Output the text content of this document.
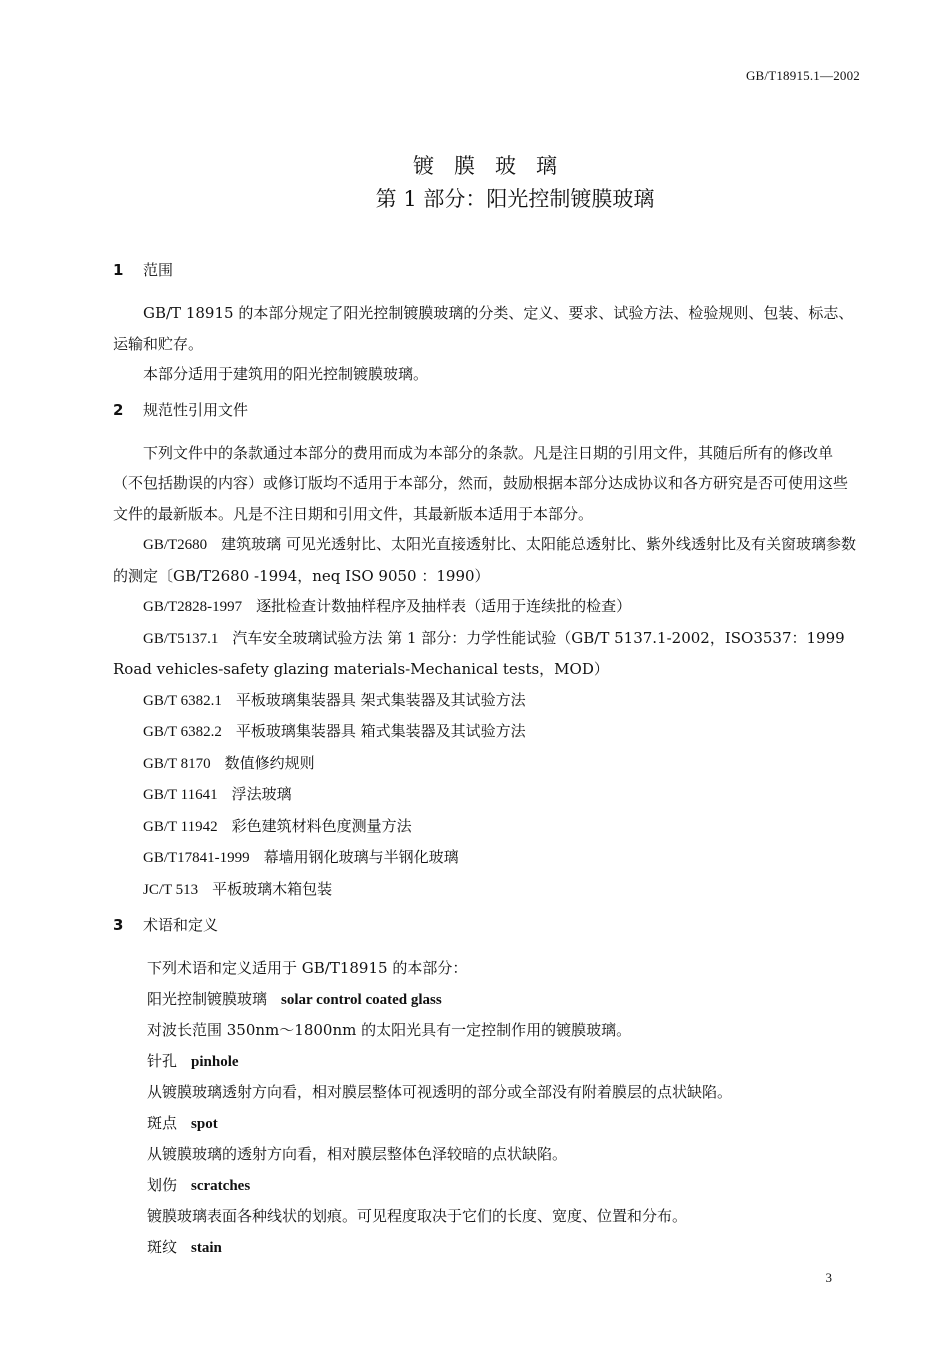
GB/T18915.1—2002
镀膜玻璃
第 1 部分：阳光控制镀膜玻璃
1 范围

GB/T 18915 的本部分规定了阳光控制镀膜玻璃的分类、定义、要求、试验方法、检验规则、包装、标志、运输和贮存。

本部分适用于建筑用的阳光控制镀膜玻璃。

2 规范性引用文件

下列文件中的条款通过本部分的费用而成为本部分的条款。凡是注日期的引用文件，其随后所有的修改单（不包括勘误的内容）或修订版均不适用于本部分，然而，鼓励根据本部分达成协议和各方研究是否可使用这些文件的最新版本。凡是不注日期和引用文件，其最新版本适用于本部分。

GB/T2680 建筑玻璃 可见光透射比、太阳光直接透射比、太阳能总透射比、紫外线透射比及有关窗玻璃参数的测定〔GB/T2680 -1994，neq ISO 9050 ：1990）

GB/T2828-1997 逐批检查计数抽样程序及抽样表（适用于连续批的检查）

GB/T5137.1 汽车安全玻璃试验方法 第 1 部分：力学性能试验（GB/T 5137.1-2002，ISO3537：1999 Road vehicles-safety glazing materials-Mechanical tests，MOD）

GB/T 6382.1 平板玻璃集装器具 架式集装器及其试验方法

GB/T 6382.2 平板玻璃集装器具 箱式集装器及其试验方法

GB/T 8170 数值修约规则

GB/T 11641 浮法玻璃

GB/T 11942 彩色建筑材料色度测量方法

GB/T17841-1999 幕墙用钢化玻璃与半钢化玻璃

JC/T 513 平板玻璃木箱包装

3 术语和定义

下列术语和定义适用于 GB/T18915 的本部分：

阳光控制镀膜玻璃 solar control coated glass

对波长范围 350nm～1800nm 的太阳光具有一定控制作用的镀膜玻璃。

针孔 pinhole

从镀膜玻璃透射方向看，相对膜层整体可视透明的部分或全部没有附着膜层的点状缺陷。

斑点 spot

从镀膜玻璃的透射方向看，相对膜层整体色泽较暗的点状缺陷。

划伤 scratches

镀膜玻璃表面各种线状的划痕。可见程度取决于它们的长度、宽度、位置和分布。

斑纹 stain

3
